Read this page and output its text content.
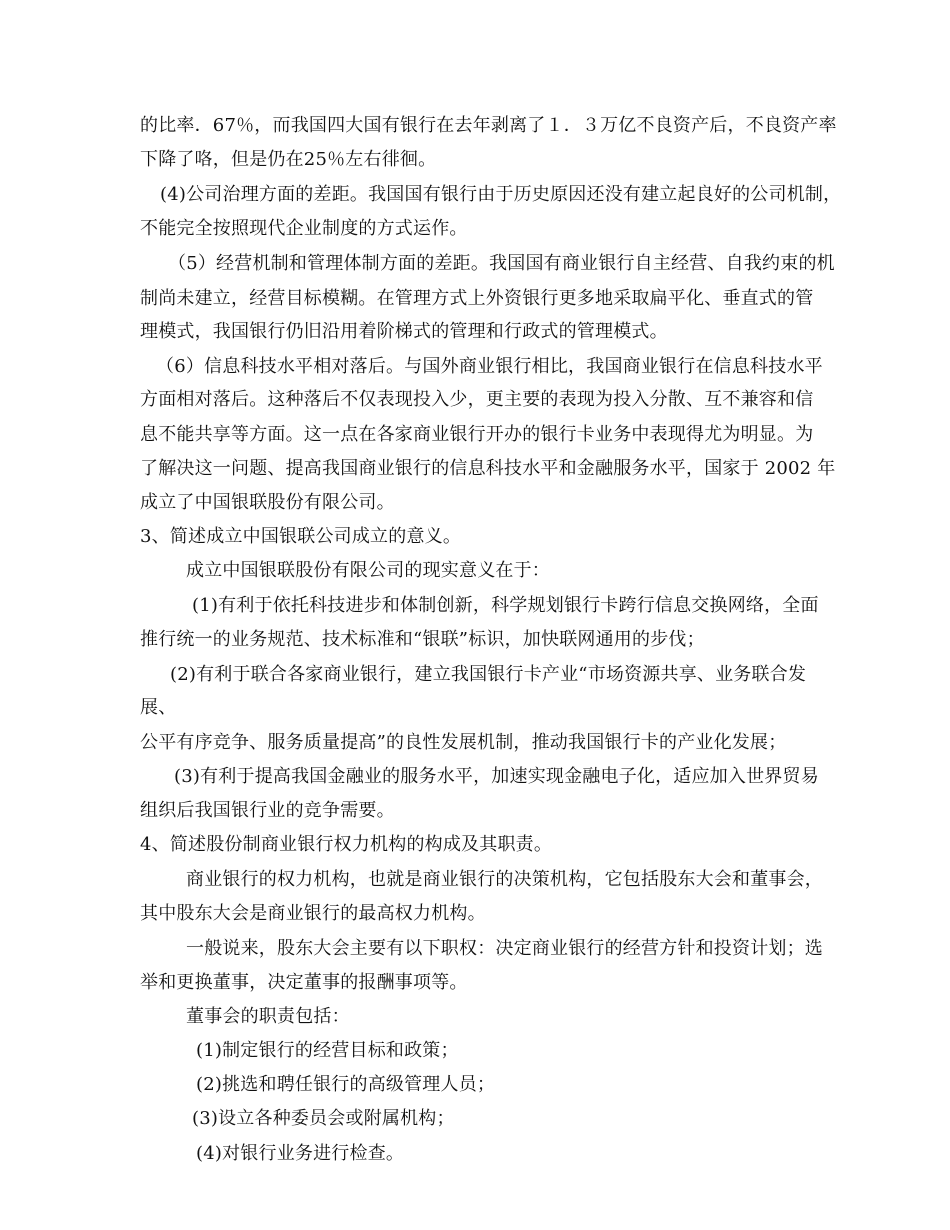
的比率．67％，而我国四大国有银行在去年剥离了１．３万亿不良资产后，不良资产率
下降了咯，但是仍在25％左右徘徊。
(4)公司治理方面的差距。我国国有银行由于历史原因还没有建立起良好的公司机制，
不能完全按照现代企业制度的方式运作。
（5）经营机制和管理体制方面的差距。我国国有商业银行自主经营、自我约束的机
制尚未建立，经营目标模糊。在管理方式上外资银行更多地采取扁平化、垂直式的管
理模式，我国银行仍旧沿用着阶梯式的管理和行政式的管理模式。
（6）信息科技水平相对落后。与国外商业银行相比，我国商业银行在信息科技水平
方面相对落后。这种落后不仅表现投入少，更主要的表现为投入分散、互不兼容和信
息不能共享等方面。这一点在各家商业银行开办的银行卡业务中表现得尤为明显。为
了解决这一问题、提高我国商业银行的信息科技水平和金融服务水平，国家于 2002 年
成立了中国银联股份有限公司。
3、简述成立中国银联公司成立的意义。
成立中国银联股份有限公司的现实意义在于：
(1)有利于依托科技进步和体制创新，科学规划银行卡跨行信息交换网络，全面
推行统一的业务规范、技术标准和“银联”标识，加快联网通用的步伐；
(2)有利于联合各家商业银行，建立我国银行卡产业“市场资源共享、业务联合发
展、
公平有序竞争、服务质量提高”的良性发展机制，推动我国银行卡的产业化发展；
(3)有利于提高我国金融业的服务水平，加速实现金融电子化，适应加入世界贸易
组织后我国银行业的竞争需要。
4、简述股份制商业银行权力机构的构成及其职责。
商业银行的权力机构，也就是商业银行的决策机构，它包括股东大会和董事会，
其中股东大会是商业银行的最高权力机构。
一般说来，股东大会主要有以下职权：决定商业银行的经营方针和投资计划；选
举和更换董事，决定董事的报酬事项等。
董事会的职责包括：
(1)制定银行的经营目标和政策；
(2)挑选和聘任银行的高级管理人员；
(3)设立各种委员会或附属机构；
(4)对银行业务进行检查。
